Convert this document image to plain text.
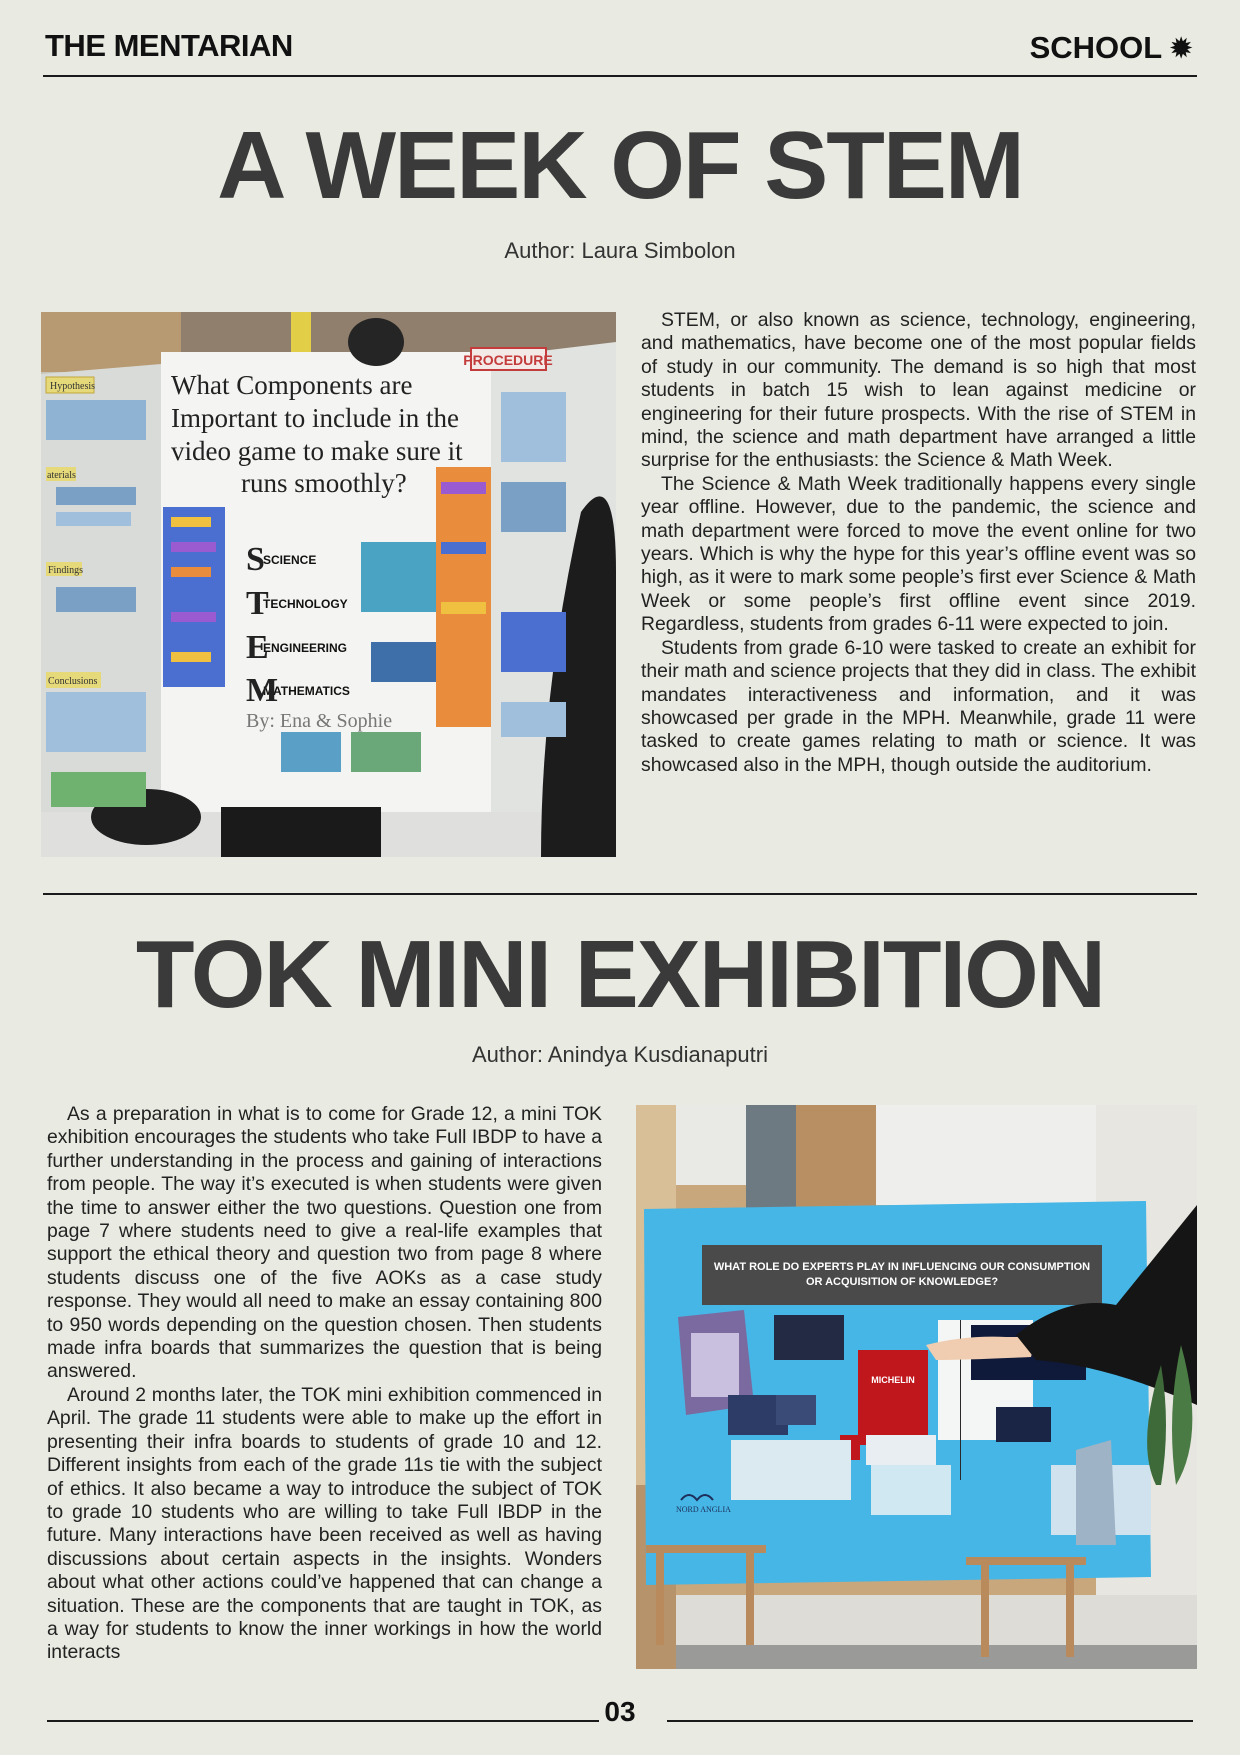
THE MENTARIAN	SCHOOL ✹
A WEEK OF STEM
Author: Laura Simbolon
PROCEDURE
Hypothesis
aterials
Findings
Conclusions
What Components are Important to include in the video game to make sure it runs smoothly?
SCIENCE TECHNOLOGY ENGINEERING MATHEMATICS
S
T
E
M
By: Ena & Sophie

STEM, or also known as science, technology, engineering, and mathematics, have become one of the most popular fields of study in our community. The demand is so high that most students in batch 15 wish to lean against medicine or engineering for their future prospects. With the rise of STEM in mind, the science and math department have arranged a little surprise for the enthusiasts: the Science & Math Week.

The Science & Math Week traditionally happens every single year offline. However, due to the pandemic, the science and math department were forced to move the event online for two years. Which is why the hype for this year’s offline event was so high, as it were to mark some people’s first ever Science & Math Week or some people’s first offline event since 2019. Regardless, students from grades 6-11 were expected to join.

Students from grade 6-10 were tasked to create an exhibit for their math and science projects that they did in class. The exhibit mandates interactiveness and information, and it was showcased per grade in the MPH. Meanwhile, grade 11 were tasked to create games relating to math or science. It was showcased also in the MPH, though outside the auditorium.

TOK MINI EXHIBITION
Author: Anindya Kusdianaputri

As a preparation in what is to come for Grade 12, a mini TOK exhibition encourages the students who take Full IBDP to have a further understanding in the process and gaining of interactions from people. The way it’s executed is when students were given the time to answer either the two questions. Question one from page 7 where students need to give a real-life examples that support the ethical theory and question two from page 8 where students discuss one of the five AOKs as a case study response. They would all need to make an essay containing 800 to 950 words depending on the question chosen. Then students made infra boards that summarizes the question that is being answered.

Around 2 months later, the TOK mini exhibition commenced in April. The grade 11 students were able to make up the effort in presenting their infra boards to students of grade 10 and 12. Different insights from each of the grade 11s tie with the subject of ethics. It also became a way to introduce the subject of TOK to grade 10 students who are willing to take Full IBDP in the future. Many interactions have been received as well as having discussions about certain aspects in the insights. Wonders about what other actions could’ve happened that can change a situation. These are the components that are taught in TOK, as a way for students to know the inner workings in how the world interacts

WHAT ROLE DO EXPERTS PLAY IN INFLUENCING OUR CONSUMPTION
OR ACQUISITION OF KNOWLEDGE?
MICHELIN
NORD ANGLIA
03
